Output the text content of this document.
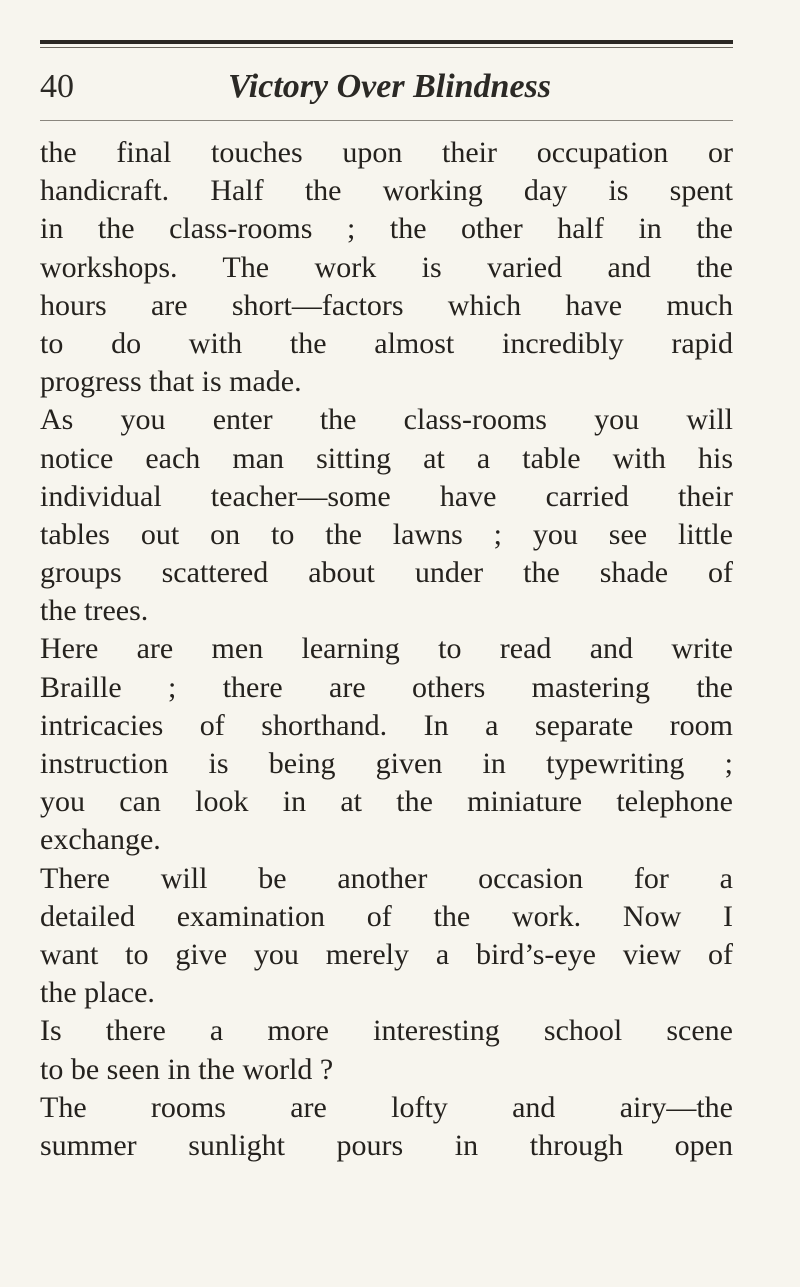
40	Victory Over Blindness
the final touches upon their occupation or
handicraft. Half the working day is spent
in the class-rooms ; the other half in the
workshops. The work is varied and the
hours are short—factors which have much
to do with the almost incredibly rapid
progress that is made.
As you enter the class-rooms you will
notice each man sitting at a table with his
individual teacher—some have carried their
tables out on to the lawns ; you see little
groups scattered about under the shade of
the trees.
Here are men learning to read and write
Braille ; there are others mastering the
intricacies of shorthand. In a separate room
instruction is being given in typewriting ;
you can look in at the miniature telephone
exchange.
There will be another occasion for a
detailed examination of the work. Now I
want to give you merely a bird’s-eye view of
the place.
Is there a more interesting school scene
to be seen in the world ?
The rooms are lofty and airy—the
summer sunlight pours in through open
